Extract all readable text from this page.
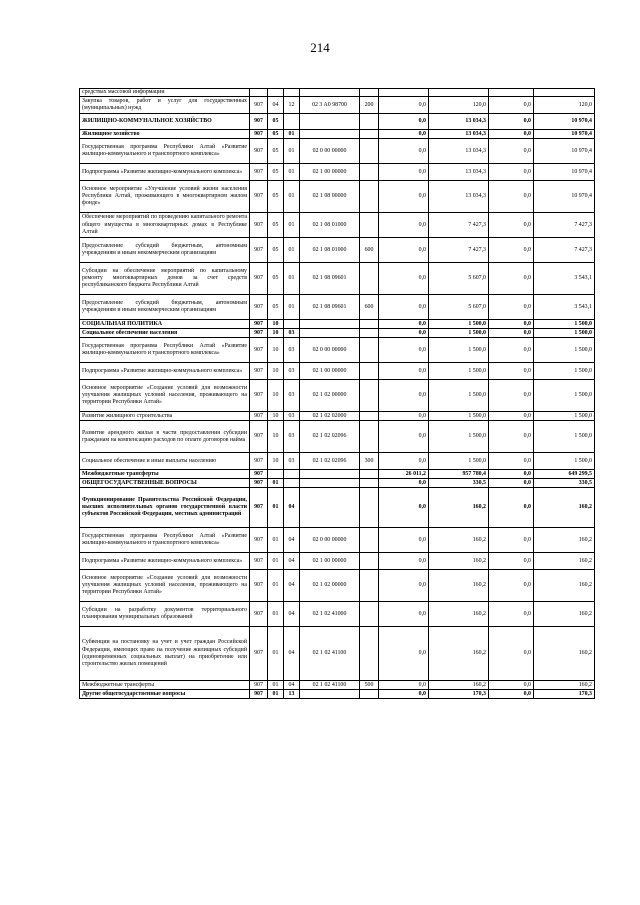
214
средствах массовой информации									
Закупка товаров, работ и услуг для государственных (муниципальных) нужд	907	04	12	02 3 A0 98700	200	0,0	120,0	0,0	120,0
ЖИЛИЩНО-КОММУНАЛЬНОЕ ХОЗЯЙСТВО	907	05				0,0	13 034,3	0,0	10 970,4
Жилищное хозяйство	907	05	01			0,0	13 034,3	0,0	10 970,4
Государственная программа Республики Алтай «Развитие жилищно-коммунального и транспортного комплекса»	907	05	01	02 0 00 00000		0,0	13 034,3	0,0	10 970,4
Подпрограмма «Развитие жилищно-коммунального комплекса»	907	05	01	02 1 00 00000		0,0	13 034,3	0,0	10 970,4
Основное мероприятие «Улучшение условий жизни населения Республики Алтай, проживающего в многоквартирном жилом фонде»	907	05	01	02 1 08 00000		0,0	13 034,3	0,0	10 970,4
Обеспечение мероприятий по проведению капитального ремонта общего имущества в многоквартирных домах в Республике Алтай	907	05	01	02 1 08 01000		0,0	7 427,3	0,0	7 427,3
Предоставление субсидий бюджетным, автономным учреждениям и иным некоммерческим организациям	907	05	01	02 1 08 01000	600	0,0	7 427,3	0,0	7 427,3
Субсидии на обеспечение мероприятий по капитальному ремонту многоквартирных домов за счет средств республиканского бюджета Республики Алтай	907	05	01	02 1 08 09601		0,0	5 607,0	0,0	3 543,1
Предоставление субсидий бюджетным, автономным учреждениям и иным некоммерческим организациям	907	05	01	02 1 08 09601	600	0,0	5 607,0	0,0	3 543,1
СОЦИАЛЬНАЯ ПОЛИТИКА	907	10				0,0	1 500,0	0,0	1 500,0
Социальное обеспечение населения	907	10	03			0,0	1 500,0	0,0	1 500,0
Государственная программа Республики Алтай «Развитие жилищно-коммунального и транспортного комплекса»	907	10	03	02 0 00 00000		0,0	1 500,0	0,0	1 500,0
Подпрограмма «Развитие жилищно-коммунального комплекса»	907	10	03	02 1 00 00000		0,0	1 500,0	0,0	1 500,0
Основное мероприятие «Создание условий для возможности улучшения жилищных условий населения, проживающего на территории Республики Алтай»	907	10	03	02 1 02 00000		0,0	1 500,0	0,0	1 500,0
Развитие жилищного строительства	907	10	03	02 1 02 02000		0,0	1 500,0	0,0	1 500,0
Развитие арендного жилья в части предоставления субсидии гражданам на компенсацию расходов по оплате договоров найма	907	10	03	02 1 02 02096		0,0	1 500,0	0,0	1 500,0
Социальное обеспечение и иные выплаты населению	907	10	03	02 1 02 02096	300	0,0	1 500,0	0,0	1 500,0
Межбюджетные трансферты	907					26 011,2	957 780,4	0,0	649 299,5
ОБЩЕГОСУДАРСТВЕННЫЕ ВОПРОСЫ	907	01				0,0	330,5	0,0	330,5
Функционирование Правительства Российской Федерации, высших исполнительных органов государственной власти субъектов Российской Федерации, местных администраций	907	01	04			0,0	160,2	0,0	160,2
Государственная программа Республики Алтай «Развитие жилищно-коммунального и транспортного комплекса»	907	01	04	02 0 00 00000		0,0	160,2	0,0	160,2
Подпрограмма «Развитие жилищно-коммунального комплекса»	907	01	04	02 1 00 00000		0,0	160,2	0,0	160,2
Основное мероприятие «Создание условий для возможности улучшения жилищных условий населения, проживающего на территории Республики Алтай»	907	01	04	02 1 02 00000		0,0	160,2	0,0	160,2
Субсидии на разработку документов территориального планирования муниципальных образований	907	01	04	02 1 02 41000		0,0	160,2	0,0	160,2
Субвенции на постановку на учет и учет граждан Российской Федерации, имеющих право на получение жилищных субсидий (единовременных социальных выплат) на приобретение или строительство жилых помещений	907	01	04	02 1 02 41100		0,0	160,2	0,0	160,2
Межбюджетные трансферты	907	01	04	02 1 02 41100	500	0,0	160,2	0,0	160,2
Другие общегосударственные вопросы	907	01	13			0,0	170,3	0,0	170,3
